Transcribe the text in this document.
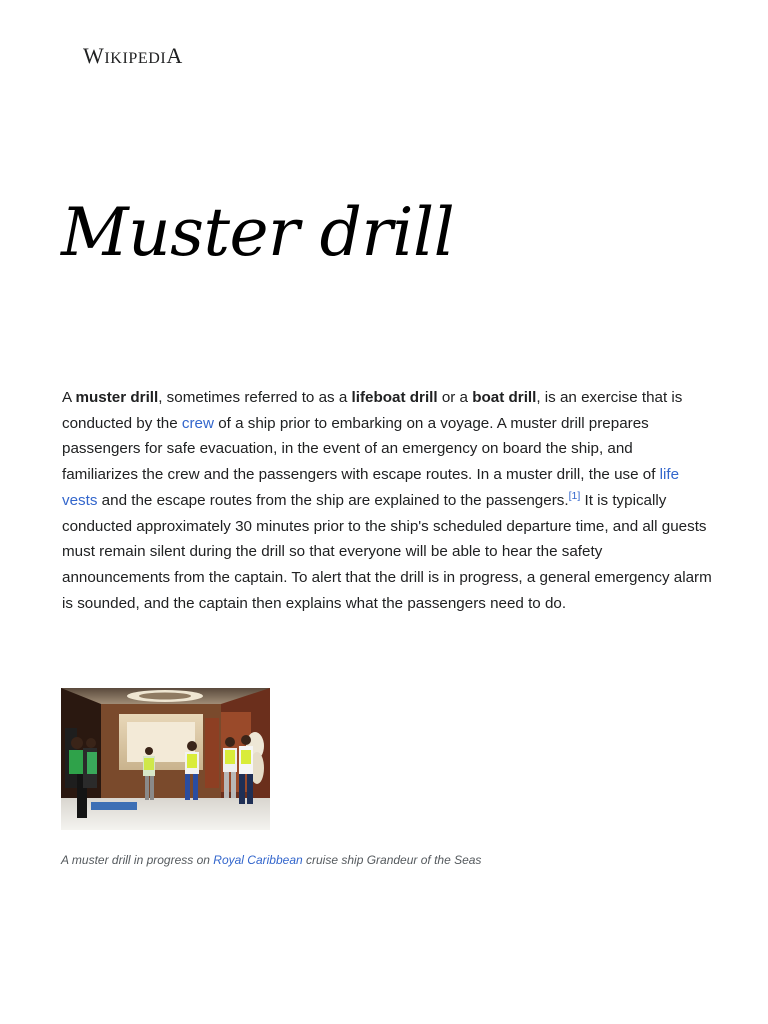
WIKIPEDIA
Muster drill

A muster drill, sometimes referred to as a lifeboat drill or a boat drill, is an exercise that is conducted by the crew of a ship prior to embarking on a voyage. A muster drill prepares passengers for safe evacuation, in the event of an emergency on board the ship, and familiarizes the crew and the passengers with escape routes. In a muster drill, the use of life vests and the escape routes from the ship are explained to the passengers.[1] It is typically conducted approximately 30 minutes prior to the ship's scheduled departure time, and all guests must remain silent during the drill so that everyone will be able to hear the safety announcements from the captain. To alert that the drill is in progress, a general emergency alarm is sounded, and the captain then explains what the passengers need to do.

A muster drill in progress on Royal Caribbean cruise ship Grandeur of the Seas
